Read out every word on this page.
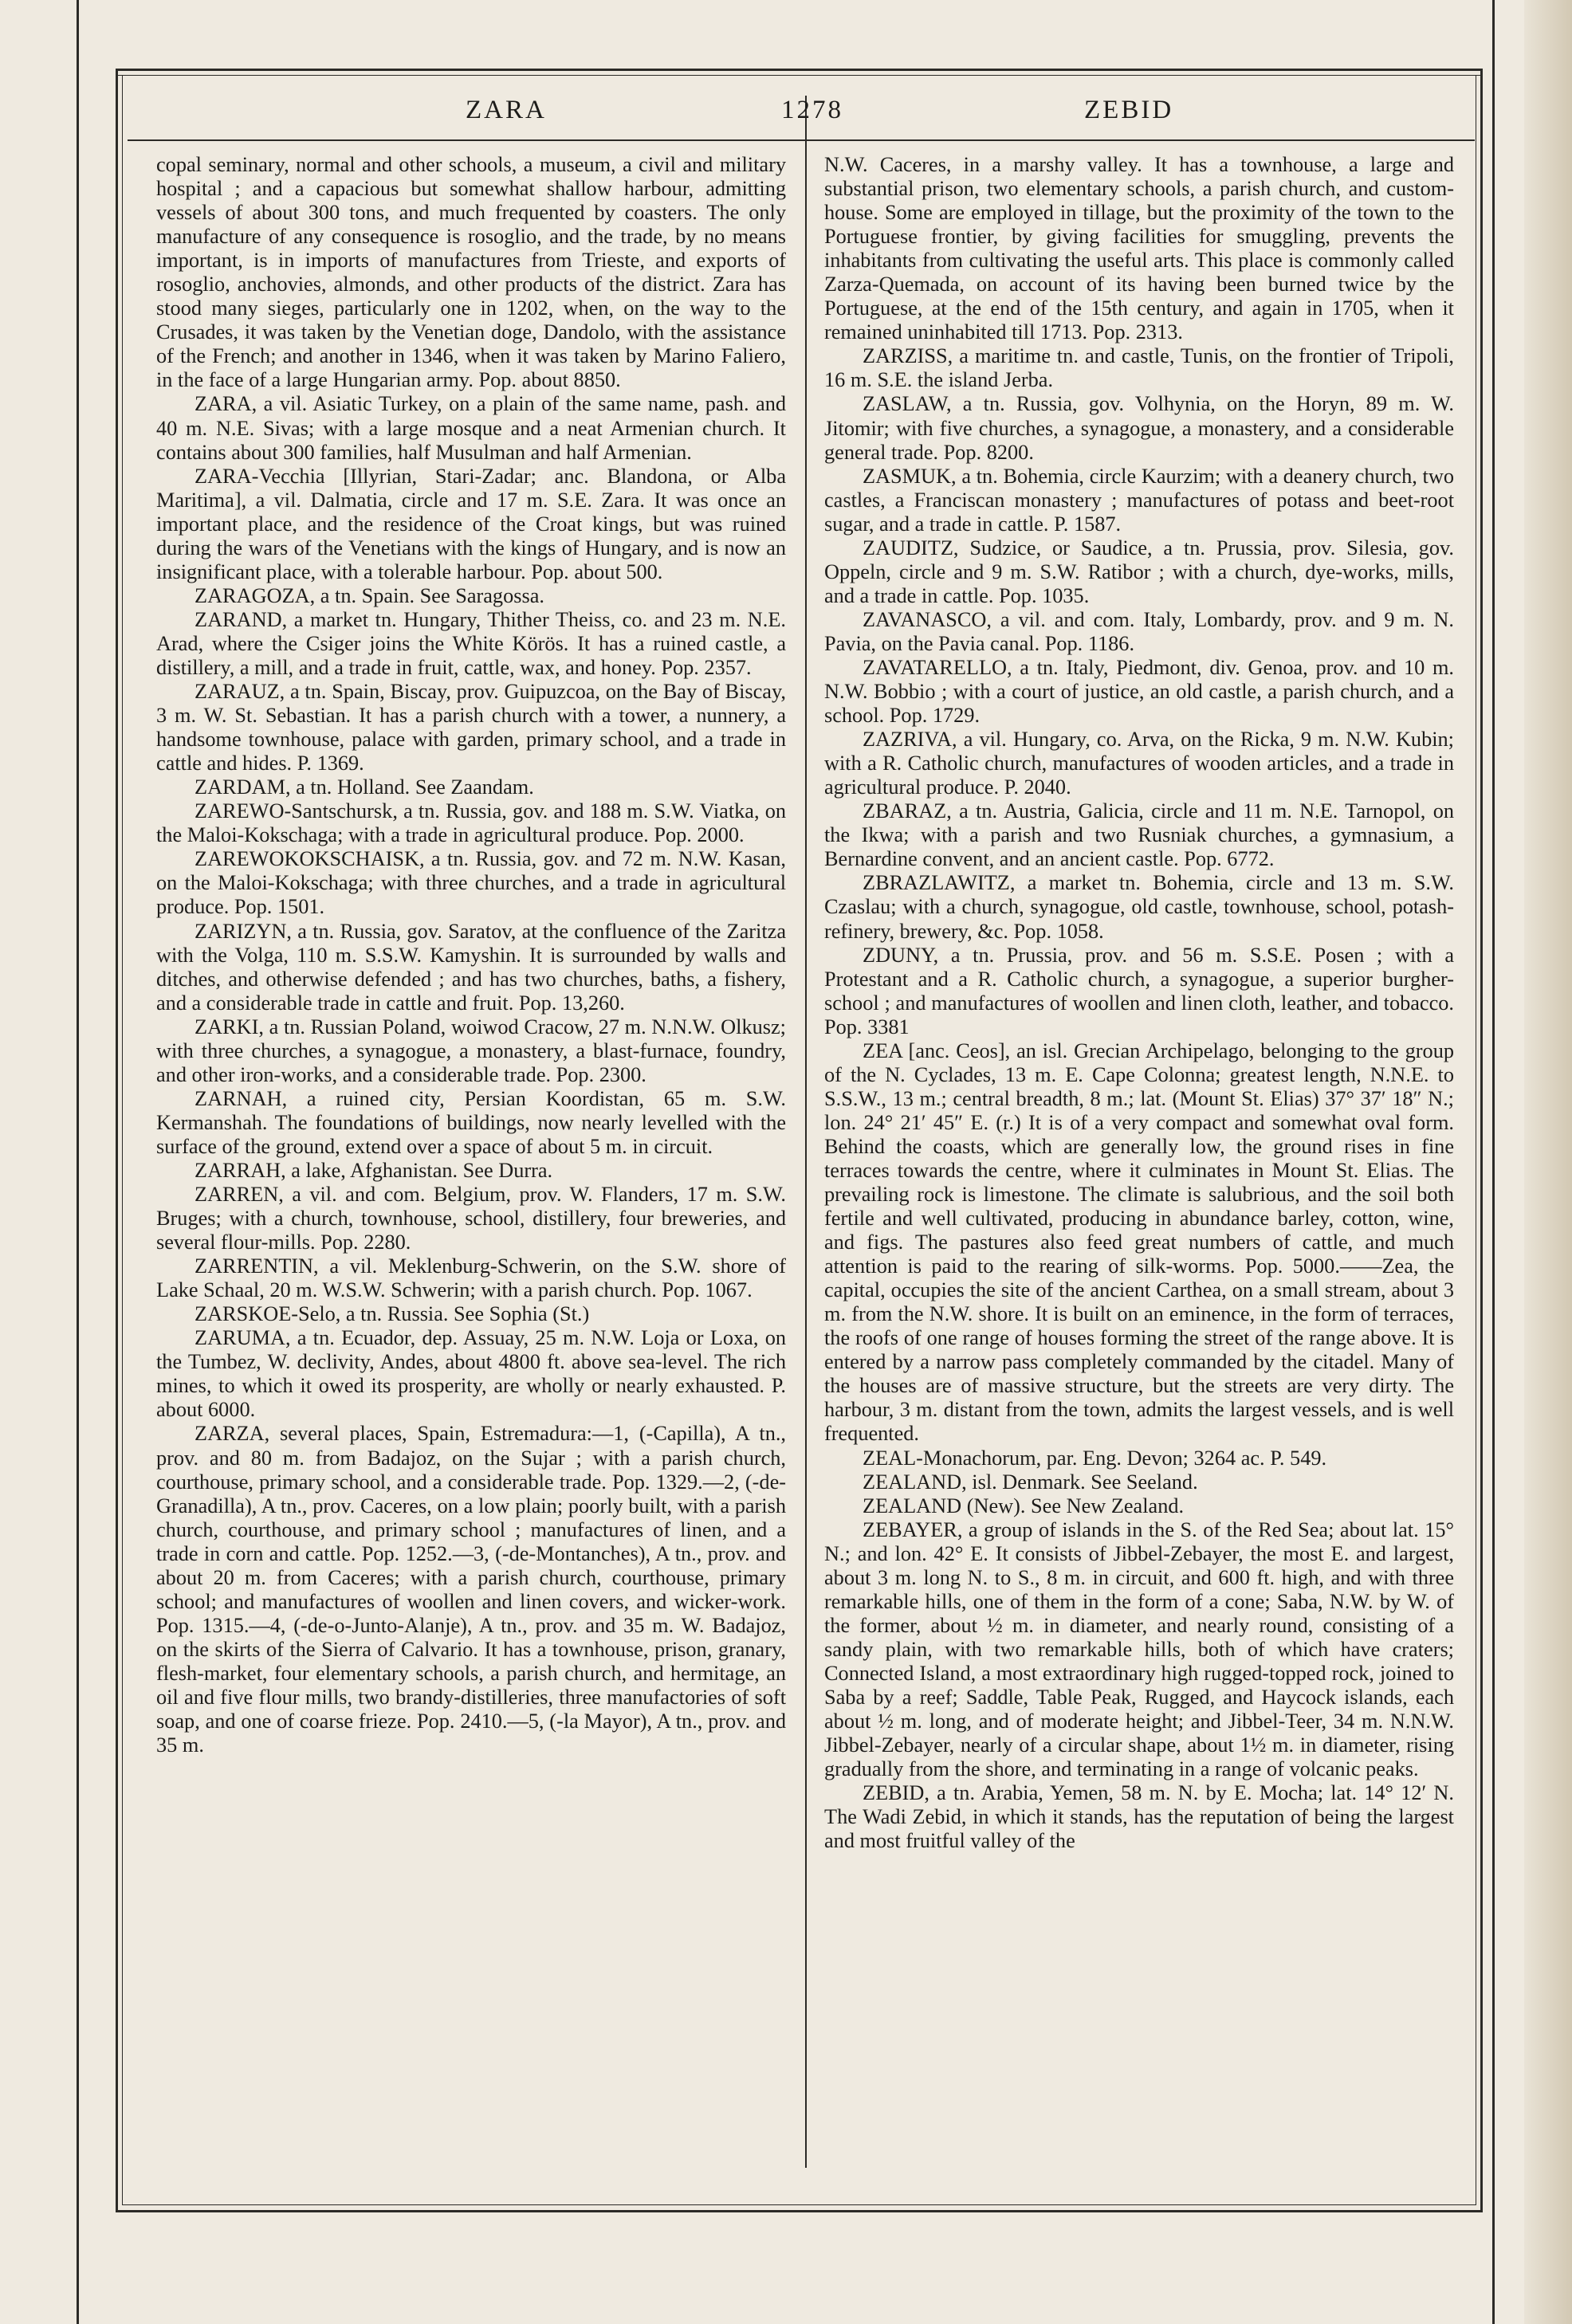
ZARA	1278	ZEBID

copal seminary, normal and other schools, a museum, a civil and military hospital ; and a capacious but somewhat shallow harbour, admitting vessels of about 300 tons, and much frequented by coasters. The only manufacture of any consequence is rosoglio, and the trade, by no means important, is in imports of manufactures from Trieste, and exports of rosoglio, anchovies, almonds, and other products of the district. Zara has stood many sieges, particularly one in 1202, when, on the way to the Crusades, it was taken by the Venetian doge, Dandolo, with the assistance of the French; and another in 1346, when it was taken by Marino Faliero, in the face of a large Hungarian army. Pop. about 8850.

ZARA, a vil. Asiatic Turkey, on a plain of the same name, pash. and 40 m. N.E. Sivas; with a large mosque and a neat Armenian church. It contains about 300 families, half Musulman and half Armenian.

ZARA-Vecchia [Illyrian, Stari-Zadar; anc. Blandona, or Alba Maritima], a vil. Dalmatia, circle and 17 m. S.E. Zara. It was once an important place, and the residence of the Croat kings, but was ruined during the wars of the Venetians with the kings of Hungary, and is now an insignificant place, with a tolerable harbour. Pop. about 500.

ZARAGOZA, a tn. Spain. See Saragossa.

ZARAND, a market tn. Hungary, Thither Theiss, co. and 23 m. N.E. Arad, where the Csiger joins the White Körös. It has a ruined castle, a distillery, a mill, and a trade in fruit, cattle, wax, and honey. Pop. 2357.

ZARAUZ, a tn. Spain, Biscay, prov. Guipuzcoa, on the Bay of Biscay, 3 m. W. St. Sebastian. It has a parish church with a tower, a nunnery, a handsome townhouse, palace with garden, primary school, and a trade in cattle and hides. P. 1369.

ZARDAM, a tn. Holland. See Zaandam.

ZAREWO-Santschursk, a tn. Russia, gov. and 188 m. S.W. Viatka, on the Maloi-Kokschaga; with a trade in agricultural produce. Pop. 2000.

ZAREWOKOKSCHAISK, a tn. Russia, gov. and 72 m. N.W. Kasan, on the Maloi-Kokschaga; with three churches, and a trade in agricultural produce. Pop. 1501.

ZARIZYN, a tn. Russia, gov. Saratov, at the confluence of the Zaritza with the Volga, 110 m. S.S.W. Kamyshin. It is surrounded by walls and ditches, and otherwise defended ; and has two churches, baths, a fishery, and a considerable trade in cattle and fruit. Pop. 13,260.

ZARKI, a tn. Russian Poland, woiwod Cracow, 27 m. N.N.W. Olkusz; with three churches, a synagogue, a monastery, a blast-furnace, foundry, and other iron-works, and a considerable trade. Pop. 2300.

ZARNAH, a ruined city, Persian Koordistan, 65 m. S.W. Kermanshah. The foundations of buildings, now nearly levelled with the surface of the ground, extend over a space of about 5 m. in circuit.

ZARRAH, a lake, Afghanistan. See Durra.

ZARREN, a vil. and com. Belgium, prov. W. Flanders, 17 m. S.W. Bruges; with a church, townhouse, school, distillery, four breweries, and several flour-mills. Pop. 2280.

ZARRENTIN, a vil. Meklenburg-Schwerin, on the S.W. shore of Lake Schaal, 20 m. W.S.W. Schwerin; with a parish church. Pop. 1067.

ZARSKOE-Selo, a tn. Russia. See Sophia (St.)

ZARUMA, a tn. Ecuador, dep. Assuay, 25 m. N.W. Loja or Loxa, on the Tumbez, W. declivity, Andes, about 4800 ft. above sea-level. The rich mines, to which it owed its prosperity, are wholly or nearly exhausted. P. about 6000.

ZARZA, several places, Spain, Estremadura:—1, (-Capilla), A tn., prov. and 80 m. from Badajoz, on the Sujar ; with a parish church, courthouse, primary school, and a considerable trade. Pop. 1329.—2, (-de-Granadilla), A tn., prov. Caceres, on a low plain; poorly built, with a parish church, courthouse, and primary school ; manufactures of linen, and a trade in corn and cattle. Pop. 1252.—3, (-de-Montanches), A tn., prov. and about 20 m. from Caceres; with a parish church, courthouse, primary school; and manufactures of woollen and linen covers, and wicker-work. Pop. 1315.—4, (-de-o-Junto-Alanje), A tn., prov. and 35 m. W. Badajoz, on the skirts of the Sierra of Calvario. It has a townhouse, prison, granary, flesh-market, four elementary schools, a parish church, and hermitage, an oil and five flour mills, two brandy-distilleries, three manufactories of soft soap, and one of coarse frieze. Pop. 2410.—5, (-la Mayor), A tn., prov. and 35 m.

N.W. Caceres, in a marshy valley. It has a townhouse, a large and substantial prison, two elementary schools, a parish church, and custom-house. Some are employed in tillage, but the proximity of the town to the Portuguese frontier, by giving facilities for smuggling, prevents the inhabitants from cultivating the useful arts. This place is commonly called Zarza-Quemada, on account of its having been burned twice by the Portuguese, at the end of the 15th century, and again in 1705, when it remained uninhabited till 1713. Pop. 2313.

ZARZISS, a maritime tn. and castle, Tunis, on the frontier of Tripoli, 16 m. S.E. the island Jerba.

ZASLAW, a tn. Russia, gov. Volhynia, on the Horyn, 89 m. W. Jitomir; with five churches, a synagogue, a monastery, and a considerable general trade. Pop. 8200.

ZASMUK, a tn. Bohemia, circle Kaurzim; with a deanery church, two castles, a Franciscan monastery ; manufactures of potass and beet-root sugar, and a trade in cattle. P. 1587.

ZAUDITZ, Sudzice, or Saudice, a tn. Prussia, prov. Silesia, gov. Oppeln, circle and 9 m. S.W. Ratibor ; with a church, dye-works, mills, and a trade in cattle. Pop. 1035.

ZAVANASCO, a vil. and com. Italy, Lombardy, prov. and 9 m. N. Pavia, on the Pavia canal. Pop. 1186.

ZAVATARELLO, a tn. Italy, Piedmont, div. Genoa, prov. and 10 m. N.W. Bobbio ; with a court of justice, an old castle, a parish church, and a school. Pop. 1729.

ZAZRIVA, a vil. Hungary, co. Arva, on the Ricka, 9 m. N.W. Kubin; with a R. Catholic church, manufactures of wooden articles, and a trade in agricultural produce. P. 2040.

ZBARAZ, a tn. Austria, Galicia, circle and 11 m. N.E. Tarnopol, on the Ikwa; with a parish and two Rusniak churches, a gymnasium, a Bernardine convent, and an ancient castle. Pop. 6772.

ZBRAZLAWITZ, a market tn. Bohemia, circle and 13 m. S.W. Czaslau; with a church, synagogue, old castle, townhouse, school, potash-refinery, brewery, &c. Pop. 1058.

ZDUNY, a tn. Prussia, prov. and 56 m. S.S.E. Posen ; with a Protestant and a R. Catholic church, a synagogue, a superior burgher-school ; and manufactures of woollen and linen cloth, leather, and tobacco. Pop. 3381

ZEA [anc. Ceos], an isl. Grecian Archipelago, belonging to the group of the N. Cyclades, 13 m. E. Cape Colonna; greatest length, N.N.E. to S.S.W., 13 m.; central breadth, 8 m.; lat. (Mount St. Elias) 37° 37′ 18″ N.; lon. 24° 21′ 45″ E. (r.) It is of a very compact and somewhat oval form. Behind the coasts, which are generally low, the ground rises in fine terraces towards the centre, where it culminates in Mount St. Elias. The prevailing rock is limestone. The climate is salubrious, and the soil both fertile and well cultivated, producing in abundance barley, cotton, wine, and figs. The pastures also feed great numbers of cattle, and much attention is paid to the rearing of silk-worms. Pop. 5000.——Zea, the capital, occupies the site of the ancient Carthea, on a small stream, about 3 m. from the N.W. shore. It is built on an eminence, in the form of terraces, the roofs of one range of houses forming the street of the range above. It is entered by a narrow pass completely commanded by the citadel. Many of the houses are of massive structure, but the streets are very dirty. The harbour, 3 m. distant from the town, admits the largest vessels, and is well frequented.

ZEAL-Monachorum, par. Eng. Devon; 3264 ac. P. 549.

ZEALAND, isl. Denmark. See Seeland.

ZEALAND (New). See New Zealand.

ZEBAYER, a group of islands in the S. of the Red Sea; about lat. 15° N.; and lon. 42° E. It consists of Jibbel-Zebayer, the most E. and largest, about 3 m. long N. to S., 8 m. in circuit, and 600 ft. high, and with three remarkable hills, one of them in the form of a cone; Saba, N.W. by W. of the former, about ½ m. in diameter, and nearly round, consisting of a sandy plain, with two remarkable hills, both of which have craters; Connected Island, a most extraordinary high rugged-topped rock, joined to Saba by a reef; Saddle, Table Peak, Rugged, and Haycock islands, each about ½ m. long, and of moderate height; and Jibbel-Teer, 34 m. N.N.W. Jibbel-Zebayer, nearly of a circular shape, about 1½ m. in diameter, rising gradually from the shore, and terminating in a range of volcanic peaks.

ZEBID, a tn. Arabia, Yemen, 58 m. N. by E. Mocha; lat. 14° 12′ N. The Wadi Zebid, in which it stands, has the reputation of being the largest and most fruitful valley of the
